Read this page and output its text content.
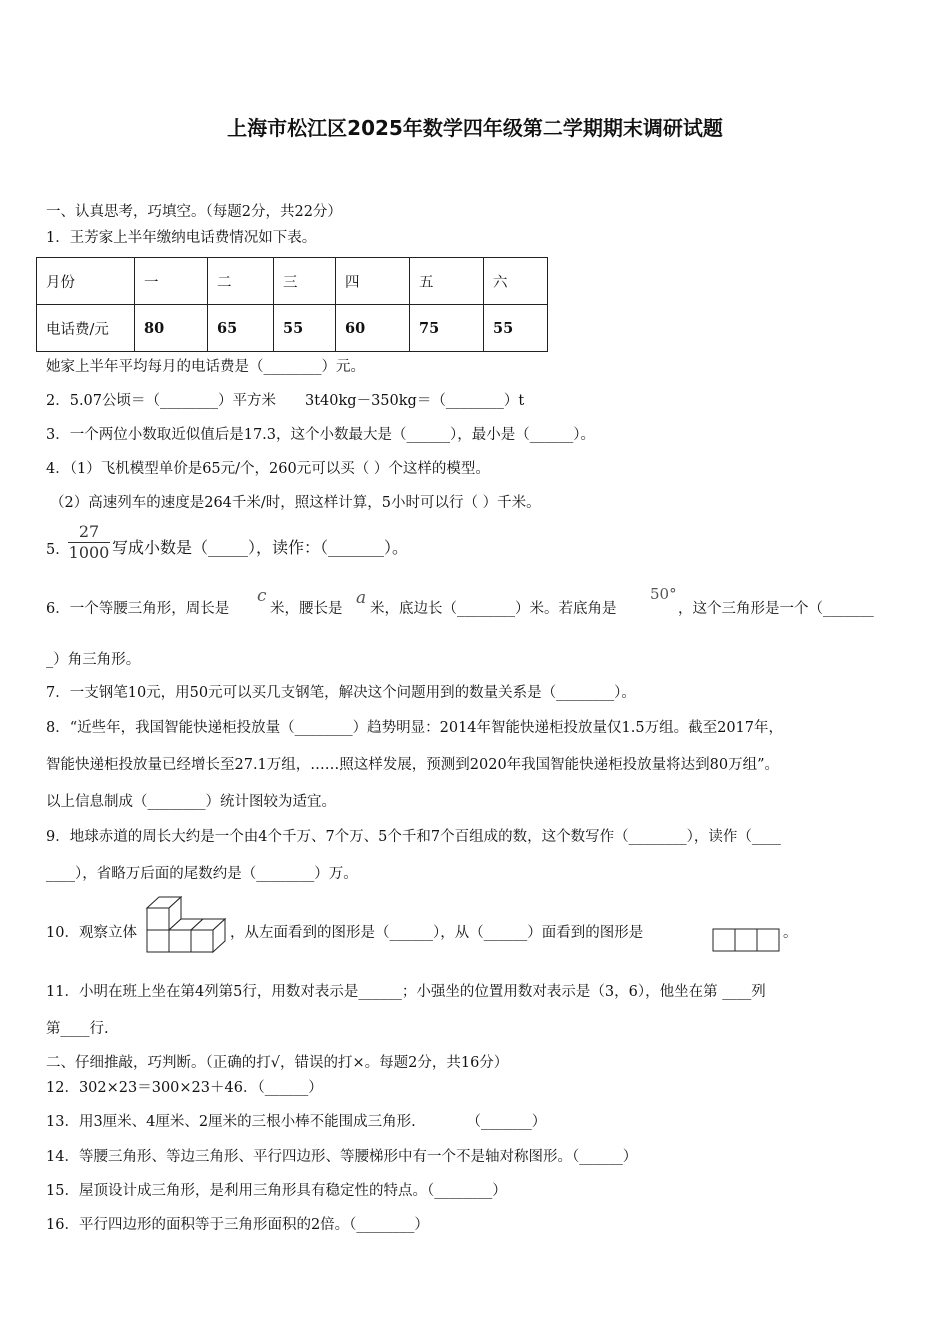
上海市松江区2025年数学四年级第二学期期末调研试题
一、认真思考，巧填空。（每题2分，共22分）
1．王芳家上半年缴纳电话费情况如下表。
月份	一	二	三	四	五	六
电话费/元	80	65	55	60	75	55
她家上半年平均每月的电话费是（________）元。
2．5.07公顷＝（________）平方米　　3t40kg－350kg＝（________）t
3．一个两位小数取近似值后是17.3，这个小数最大是（______），最小是（______）。
4．（1）飞机模型单价是65元/个，260元可以买（ ）个这样的模型。
（2）高速列车的速度是264千米/时，照这样计算，5小时可以行（ ）千米。
5．
$\frac{27}{1000}$ 写成小数是（_____），读作：（_______）。
6．一个等腰三角形，周长是
c
米，腰长是
a
米，底边长（________）米。若底角是
50°
，这个三角形是一个（_______
_）角三角形。
7．一支钢笔10元，用50元可以买几支钢笔，解决这个问题用到的数量关系是（________）。
8．“近些年，我国智能快递柜投放量（________）趋势明显：2014年智能快递柜投放量仅1.5万组。截至2017年，
智能快递柜投放量已经增长至27.1万组，……照这样发展，预测到2020年我国智能快递柜投放量将达到80万组”。
以上信息制成（________）统计图较为适宜。
9．地球赤道的周长大约是一个由4个千万、7个万、5个千和7个百组成的数，这个数写作（________），读作（____
____），省略万后面的尾数约是（________）万。
10．观察立体	，从左面看到的图形是（______），从（______）面看到的图形是	。
11．小明在班上坐在第4列第5行，用数对表示是______；小强坐的位置用数对表示是（3，6），他坐在第 ____列
第____行.
二、仔细推敲，巧判断。（正确的打√，错误的打×。每题2分，共16分）
12．302×23＝300×23＋46．（______）
13．用3厘米、4厘米、2厘米的三根小棒不能围成三角形.　　　　（_______）
14．等腰三角形、等边三角形、平行四边形、等腰梯形中有一个不是轴对称图形。（______）
15．屋顶设计成三角形，是利用三角形具有稳定性的特点。（________）
16．平行四边形的面积等于三角形面积的2倍。（________）
